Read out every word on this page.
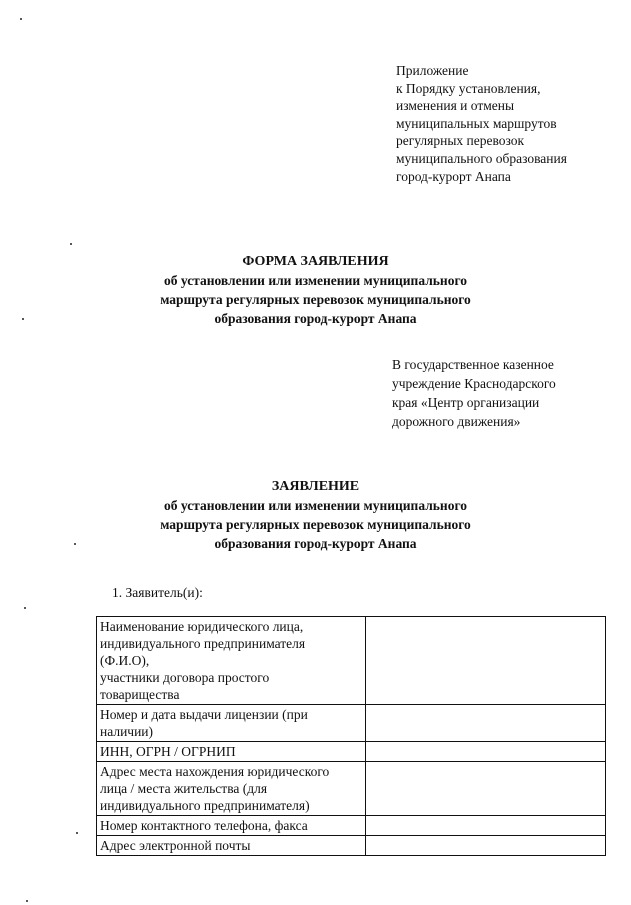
Приложение
к Порядку установления,
изменения и отмены
муниципальных маршрутов
регулярных перевозок
муниципального образования
город-курорт Анапа
ФОРМА ЗАЯВЛЕНИЯ
об установлении или изменении муниципального
маршрута регулярных перевозок муниципального
образования город-курорт Анапа
В государственное казенное
учреждение Краснодарского
края «Центр организации
дорожного движения»
ЗАЯВЛЕНИЕ
об установлении или изменении муниципального
маршрута регулярных перевозок муниципального
образования город-курорт Анапа
1. Заявитель(и):
Наименование юридического лица,
индивидуального предпринимателя
(Ф.И.О),
участники договора простого
товарищества	

Номер и дата выдачи лицензии (при
наличии)	

ИНН, ОГРН / ОГРНИП	

Адрес места нахождения юридического
лица / места жительства (для
индивидуального предпринимателя)	

Номер контактного телефона, факса	

Адрес электронной почты	
